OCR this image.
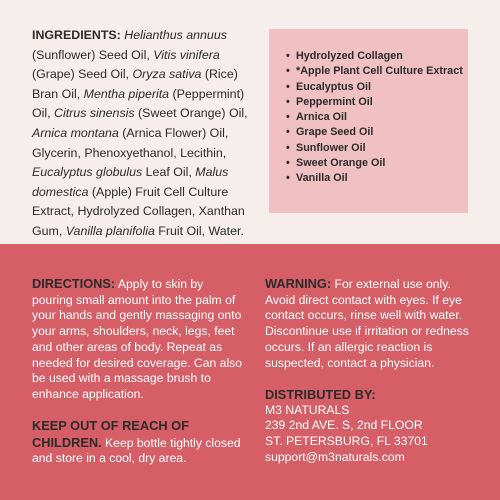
INGREDIENTS: Helianthus annuus (Sunflower) Seed Oil, Vitis vinifera (Grape) Seed Oil, Oryza sativa (Rice) Bran Oil, Mentha piperita (Peppermint) Oil, Citrus sinensis (Sweet Orange) Oil, Arnica montana (Arnica Flower) Oil, Glycerin, Phenoxyethanol, Lecithin, Eucalyptus globulus Leaf Oil, Malus domestica (Apple) Fruit Cell Culture Extract, Hydrolyzed Collagen, Xanthan Gum, Vanilla planifolia Fruit Oil, Water.
• Hydrolyzed Collagen
• *Apple Plant Cell Culture Extract
• Eucalyptus Oil
• Peppermint Oil
• Arnica Oil
• Grape Seed Oil
• Sunflower Oil
• Sweet Orange Oil
• Vanilla Oil
DIRECTIONS: Apply to skin by pouring small amount into the palm of your hands and gently massaging onto your arms, shoulders, neck, legs, feet and other areas of body. Repeat as needed for desired coverage. Can also be used with a massage brush to enhance application.
KEEP OUT OF REACH OF CHILDREN. Keep bottle tightly closed and store in a cool, dry area.
WARNING: For external use only. Avoid direct contact with eyes. If eye contact occurs, rinse well with water. Discontinue use if irritation or redness occurs. If an allergic reaction is suspected, contact a physician.
DISTRIBUTED BY:
M3 NATURALS
239 2nd AVE. S, 2nd FLOOR
ST. PETERSBURG, FL 33701
support@m3naturals.com
